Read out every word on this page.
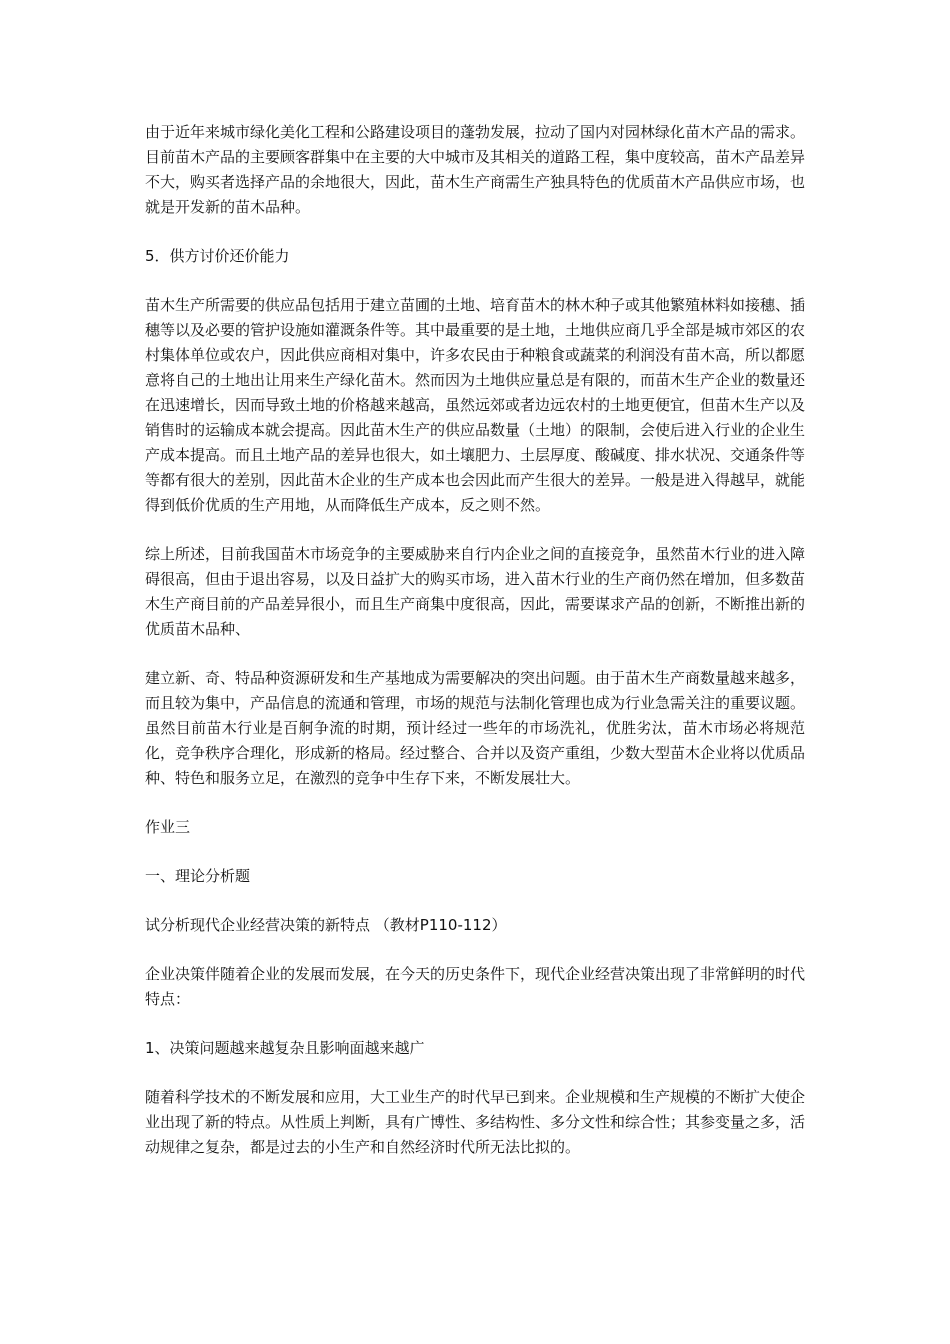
由于近年来城市绿化美化工程和公路建设项目的蓬勃发展，拉动了国内对园林绿化苗木产品的需求。目前苗木产品的主要顾客群集中在主要的大中城市及其相关的道路工程，集中度较高，苗木产品差异不大，购买者选择产品的余地很大，因此，苗木生产商需生产独具特色的优质苗木产品供应市场，也就是开发新的苗木品种。

5．供方讨价还价能力

苗木生产所需要的供应品包括用于建立苗圃的土地、培育苗木的林木种子或其他繁殖林料如接穗、插穗等以及必要的管护设施如灌溉条件等。其中最重要的是土地，土地供应商几乎全部是城市郊区的农村集体单位或农户，因此供应商相对集中，许多农民由于种粮食或蔬菜的利润没有苗木高，所以都愿意将自己的土地出让用来生产绿化苗木。然而因为土地供应量总是有限的，而苗木生产企业的数量还在迅速增长，因而导致土地的价格越来越高，虽然远郊或者边远农村的土地更便宜，但苗木生产以及销售时的运输成本就会提高。因此苗木生产的供应品数量（土地）的限制，会使后进入行业的企业生产成本提高。而且土地产品的差异也很大，如土壤肥力、土层厚度、酸碱度、排水状况、交通条件等等都有很大的差别，因此苗木企业的生产成本也会因此而产生很大的差异。一般是进入得越早，就能得到低价优质的生产用地，从而降低生产成本，反之则不然。

综上所述，目前我国苗木市场竞争的主要威胁来自行内企业之间的直接竞争，虽然苗木行业的进入障碍很高，但由于退出容易，以及日益扩大的购买市场，进入苗木行业的生产商仍然在增加，但多数苗木生产商目前的产品差异很小，而且生产商集中度很高，因此，需要谋求产品的创新，不断推出新的优质苗木品种、

建立新、奇、特品种资源研发和生产基地成为需要解决的突出问题。由于苗木生产商数量越来越多，而且较为集中，产品信息的流通和管理，市场的规范与法制化管理也成为行业急需关注的重要议题。虽然目前苗木行业是百舸争流的时期，预计经过一些年的市场洗礼，优胜劣汰，苗木市场必将规范化，竞争秩序合理化，形成新的格局。经过整合、合并以及资产重组，少数大型苗木企业将以优质品种、特色和服务立足，在激烈的竞争中生存下来，不断发展壮大。

作业三

一、理论分析题

试分析现代企业经营决策的新特点 （教材P110-112）

企业决策伴随着企业的发展而发展，在今天的历史条件下，现代企业经营决策出现了非常鲜明的时代特点：

1、决策问题越来越复杂且影响面越来越广

随着科学技术的不断发展和应用，大工业生产的时代早已到来。企业规模和生产规模的不断扩大使企业出现了新的特点。从性质上判断，具有广博性、多结构性、多分文性和综合性；其参变量之多，活动规律之复杂，都是过去的小生产和自然经济时代所无法比拟的。
